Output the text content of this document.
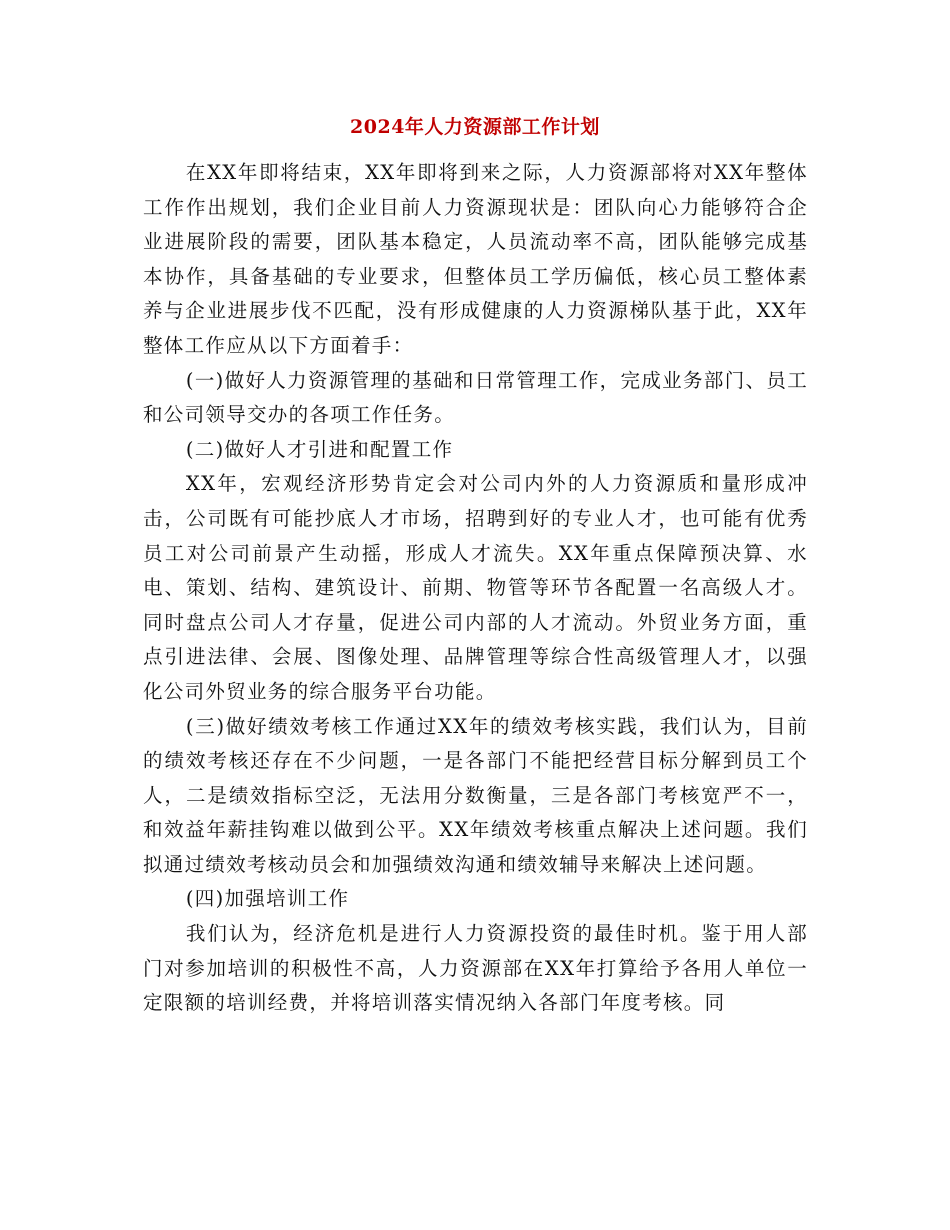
2024年人力资源部工作计划

在XX年即将结束，XX年即将到来之际，人力资源部将对XX年整体工作作出规划，我们企业目前人力资源现状是：团队向心力能够符合企业进展阶段的需要，团队基本稳定，人员流动率不高，团队能够完成基本协作，具备基础的专业要求，但整体员工学历偏低，核心员工整体素养与企业进展步伐不匹配，没有形成健康的人力资源梯队基于此，XX年整体工作应从以下方面着手：

(一)做好人力资源管理的基础和日常管理工作，完成业务部门、员工和公司领导交办的各项工作任务。

(二)做好人才引进和配置工作

XX年，宏观经济形势肯定会对公司内外的人力资源质和量形成冲击，公司既有可能抄底人才市场，招聘到好的专业人才，也可能有优秀员工对公司前景产生动摇，形成人才流失。XX年重点保障预决算、水电、策划、结构、建筑设计、前期、物管等环节各配置一名高级人才。同时盘点公司人才存量，促进公司内部的人才流动。外贸业务方面，重点引进法律、会展、图像处理、品牌管理等综合性高级管理人才，以强化公司外贸业务的综合服务平台功能。

(三)做好绩效考核工作通过XX年的绩效考核实践，我们认为，目前的绩效考核还存在不少问题，一是各部门不能把经营目标分解到员工个人，二是绩效指标空泛，无法用分数衡量，三是各部门考核宽严不一，和效益年薪挂钩难以做到公平。XX年绩效考核重点解决上述问题。我们拟通过绩效考核动员会和加强绩效沟通和绩效辅导来解决上述问题。

(四)加强培训工作

我们认为，经济危机是进行人力资源投资的最佳时机。鉴于用人部门对参加培训的积极性不高，人力资源部在XX年打算给予各用人单位一定限额的培训经费，并将培训落实情况纳入各部门年度考核。同
